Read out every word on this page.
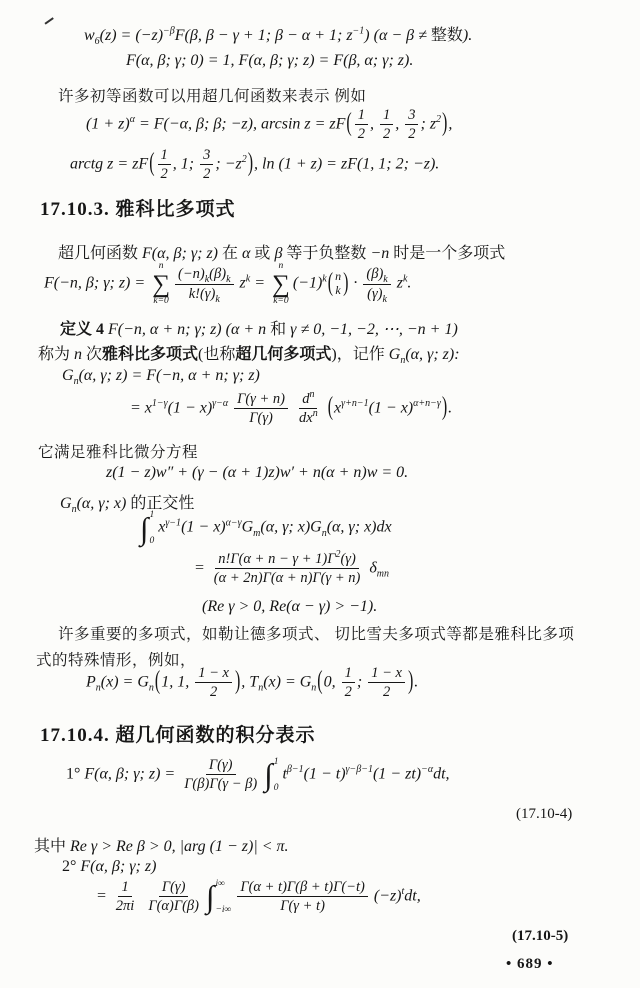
$w_6(z) = (-z)^{-\beta}F(\beta$, β − γ + 1; β − α + 1; $z^{-1}$) (α − β ≠ 整数).
F(α, β; γ; 0) = 1, F(α, β; γ; z) = F(β, α; γ; z).
许多初等函数可以用超几何函数来表示 例如
$(1 + z)^\alpha = F(-\alpha$, β; β; −z), $\arcsin z = zF( \frac{1}{2}$ , $\frac{1}{2}$ , $\frac{3}{2}$ ; $z^2$),
arctg $z = zF( \frac{1}{2}$ , 1; $\frac{3}{2}$ ; $-z^2$), ln (1 + z) = zF(1, 1; 2; −z).
17.10.3. 雅科比多项式
超几何函数 F(α, β; γ; z) 在 α 或 β 等于负整数 −n 时是一个多项式
F(−n, β; γ; z) =
n
∑
$k=0 \frac{(-n)_k(\beta)_k}{k!(\gamma)_k} z^k$ =
n
∑
k=0
$(-1)^k$( n
k ) · $\frac{(\beta)_k}{(\gamma)_k} z^k$.
定义 4 F(−n, α + n; γ; z) (α + n 和 γ ≠ 0, −1, −2, ⋯, −n + 1)
称为 n 次雅科比多项式(也称超几何多项式)，记作 $G_n(\alpha$, γ; z):
$G_n(\alpha$, γ; z) = F(−n, α + n; γ; z)
= $x^{1-\gamma}(1 - x)^{\gamma-\alpha} \frac{\Gamma(\gamma + n)}{\Gamma(\gamma)}$
$\frac{d^n}{dx^n} (x^{\gamma+n-1}(1 - x)^{\alpha+n-\gamma})$.
它满足雅科比微分方程
z(1 − z)w″ + (γ − (α + 1)z)w′ + n(α + n)w = 0.
$G_n(\alpha$, γ; x) 的正交性
∫ 1
0
$x^{\gamma-1}(1 - x)^{\alpha-\gamma}G_m(\alpha$, γ; $x)G_n(\alpha$, γ; x)dx
= $\frac{n!\Gamma(\alpha + n - \gamma + 1)\Gamma^2(\gamma)}{(\alpha + 2n)\Gamma(\alpha + n)\Gamma(\gamma + n)} \delta_{mn}$
(Re γ > 0, Re(α − γ) > −1).
许多重要的多项式，如勒让德多项式、 切比雪夫多项式等都是雅科比多项
式的特殊情形，例如，
$P_n(x) = G_n(1$, 1, $\frac{1 - x}{2}$ ), $T_n(x) = G_n(0$, $\frac{1}{2}$ ; $\frac{1 - x}{2}$ ).
17.10.4. 超几何函数的积分表示
1° F(α, β; γ; $z) = \frac{\Gamma(\gamma)}{\Gamma(\beta)\Gamma(\gamma - \beta)}$ ∫ 1
0
$t^{\beta-1}(1 - t)^{\gamma-\beta-1}(1 - zt)^{-\alpha}dt$,
(17.10-4)
其中 Re γ > Re β > 0, |arg (1 − z)| < π.
2° F(α, β; γ; z)
= $\frac{1}{2\pi i}$
$\frac{\Gamma(\gamma)}{\Gamma(\alpha)\Gamma(\beta)}$ ∫ i∞
$-i\infty \frac{\Gamma(\alpha + t)\Gamma(\beta + t)\Gamma(-t)}{\Gamma(\gamma + t)} (-z)^tdt$,
(17.10-5)
• 689 •
